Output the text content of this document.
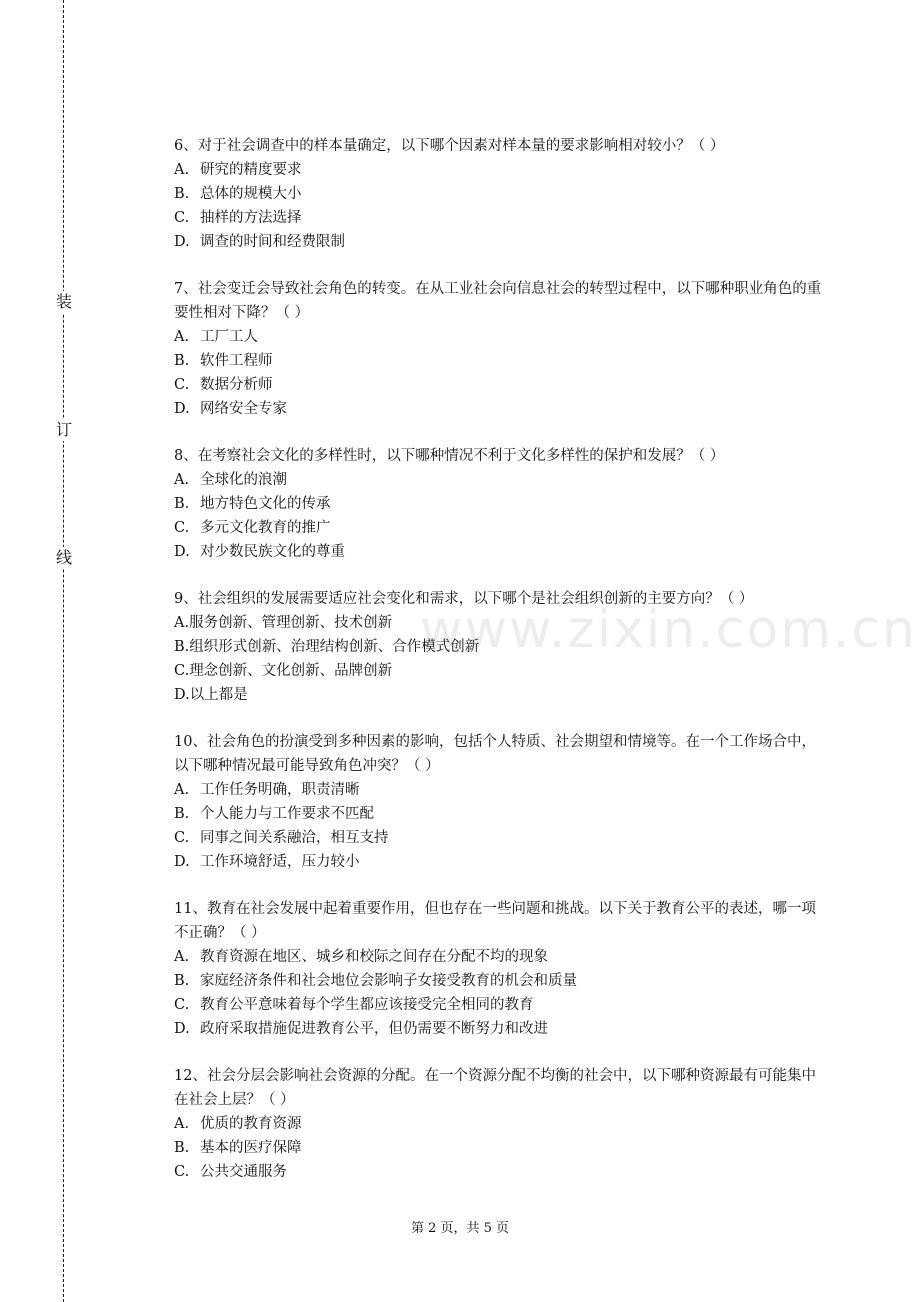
装
订
线
www.zixin.com.cn

6、对于社会调查中的样本量确定，以下哪个因素对样本量的要求影响相对较小？（ ）

A. 研究的精度要求

B. 总体的规模大小

C. 抽样的方法选择

D. 调查的时间和经费限制

7、社会变迁会导致社会角色的转变。在从工业社会向信息社会的转型过程中，以下哪种职业角色的重要性相对下降？（ ）

A. 工厂工人

B. 软件工程师

C. 数据分析师

D. 网络安全专家

8、在考察社会文化的多样性时，以下哪种情况不利于文化多样性的保护和发展？（ ）

A. 全球化的浪潮

B. 地方特色文化的传承

C. 多元文化教育的推广

D. 对少数民族文化的尊重

9、社会组织的发展需要适应社会变化和需求，以下哪个是社会组织创新的主要方向？（ ）

A.服务创新、管理创新、技术创新

B.组织形式创新、治理结构创新、合作模式创新

C.理念创新、文化创新、品牌创新

D.以上都是

10、社会角色的扮演受到多种因素的影响，包括个人特质、社会期望和情境等。在一个工作场合中，以下哪种情况最可能导致角色冲突？（ ）

A. 工作任务明确，职责清晰

B. 个人能力与工作要求不匹配

C. 同事之间关系融洽，相互支持

D. 工作环境舒适，压力较小

11、教育在社会发展中起着重要作用，但也存在一些问题和挑战。以下关于教育公平的表述，哪一项不正确？（ ）

A. 教育资源在地区、城乡和校际之间存在分配不均的现象

B. 家庭经济条件和社会地位会影响子女接受教育的机会和质量

C. 教育公平意味着每个学生都应该接受完全相同的教育

D. 政府采取措施促进教育公平，但仍需要不断努力和改进

12、社会分层会影响社会资源的分配。在一个资源分配不均衡的社会中，以下哪种资源最有可能集中在社会上层？（ ）

A. 优质的教育资源

B. 基本的医疗保障

C. 公共交通服务

第 2 页，共 5 页
